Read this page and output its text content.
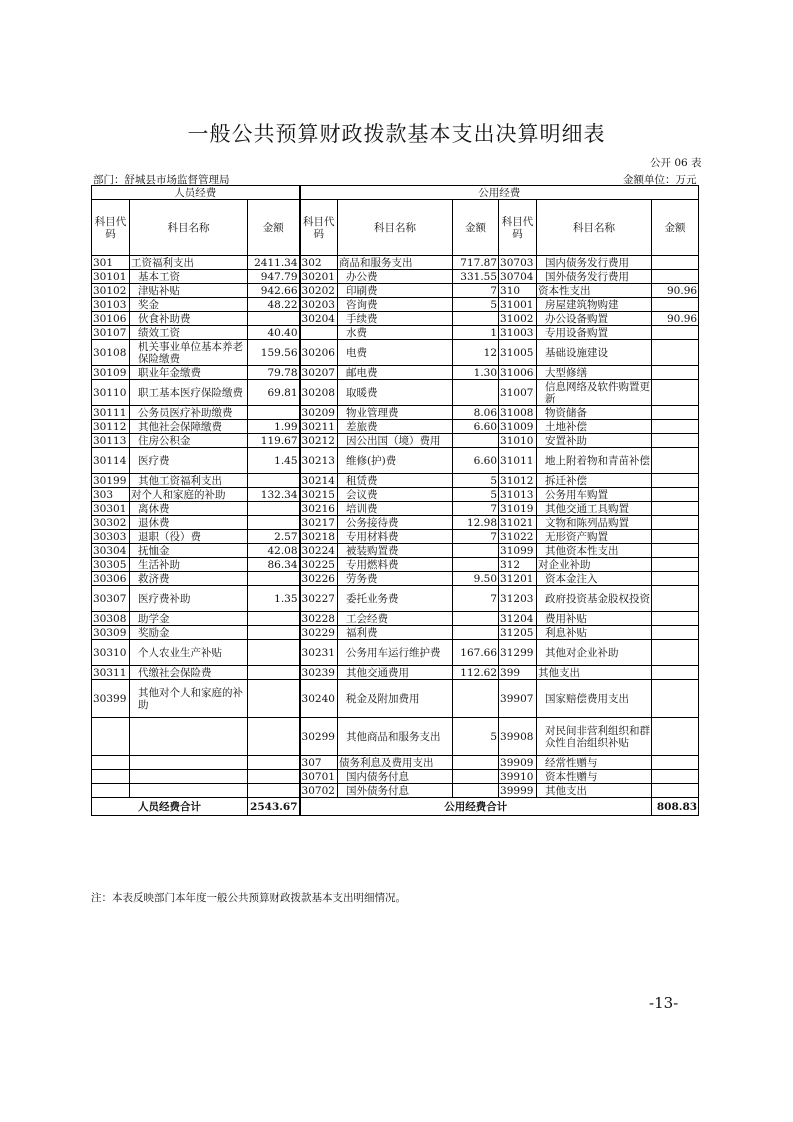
一般公共预算财政拨款基本支出决算明细表
公开 06 表
部门：舒城县市场监督管理局	金额单位：万元
人员经费			公用经费					
科目代码	科目名称	金额	科目代码	科目名称	金额	科目代码	科目名称	金额
301	工资福利支出	2411.34	302	商品和服务支出	717.87	30703	国内债务发行费用	
30101	基本工资	947.79	30201	办公费	331.55	30704	国外债务发行费用	
30102	津贴补贴	942.66	30202	印刷费	7	310	资本性支出	90.96
30103	奖金	48.22	30203	咨询费	5	31001	房屋建筑物购建	
30106	伙食补助费		30204	手续费		31002	办公设备购置	90.96
30107	绩效工资	40.40		水费	1	31003	专用设备购置	
30108	机关事业单位基本养老保险缴费	159.56	30206	电费	12	31005	基础设施建设	
30109	职业年金缴费	79.78	30207	邮电费	1.30	31006	大型修缮	
30110	职工基本医疗保险缴费	69.81	30208	取暖费		31007	信息网络及软件购置更新	
30111	公务员医疗补助缴费		30209	物业管理费	8.06	31008	物资储备	
30112	其他社会保障缴费	1.99	30211	差旅费	6.60	31009	土地补偿	
30113	住房公积金	119.67	30212	因公出国（境）费用		31010	安置补助	
30114	医疗费	1.45	30213	维修(护)费	6.60	31011	地上附着物和青苗补偿	
30199	其他工资福利支出		30214	租赁费	5	31012	拆迁补偿	
303	对个人和家庭的补助	132.34	30215	会议费	5	31013	公务用车购置	
30301	离休费		30216	培训费	7	31019	其他交通工具购置	
30302	退休费		30217	公务接待费	12.98	31021	文物和陈列品购置	
30303	退职（役）费	2.57	30218	专用材料费	7	31022	无形资产购置	
30304	抚恤金	42.08	30224	被装购置费		31099	其他资本性支出	
30305	生活补助	86.34	30225	专用燃料费		312	对企业补助	
30306	救济费		30226	劳务费	9.50	31201	资本金注入	
30307	医疗费补助	1.35	30227	委托业务费	7	31203	政府投资基金股权投资	
30308	助学金		30228	工会经费		31204	费用补贴	
30309	奖励金		30229	福利费		31205	利息补贴	
30310	个人农业生产补贴		30231	公务用车运行维护费	167.66	31299	其他对企业补助	
30311	代缴社会保险费		30239	其他交通费用	112.62	399	其他支出	
30399	其他对个人和家庭的补助		30240	税金及附加费用		39907	国家赔偿费用支出	
			30299	其他商品和服务支出	5	39908	对民间非营利组织和群众性自治组织补贴	
			307	债务利息及费用支出		39909	经常性赠与	
			30701	国内债务付息		39910	资本性赠与	
			30702	国外债务付息		39999	其他支出	
人员经费合计		2543.67	公用经费合计					808.83
注：本表反映部门本年度一般公共预算财政拨款基本支出明细情况。
-13-
